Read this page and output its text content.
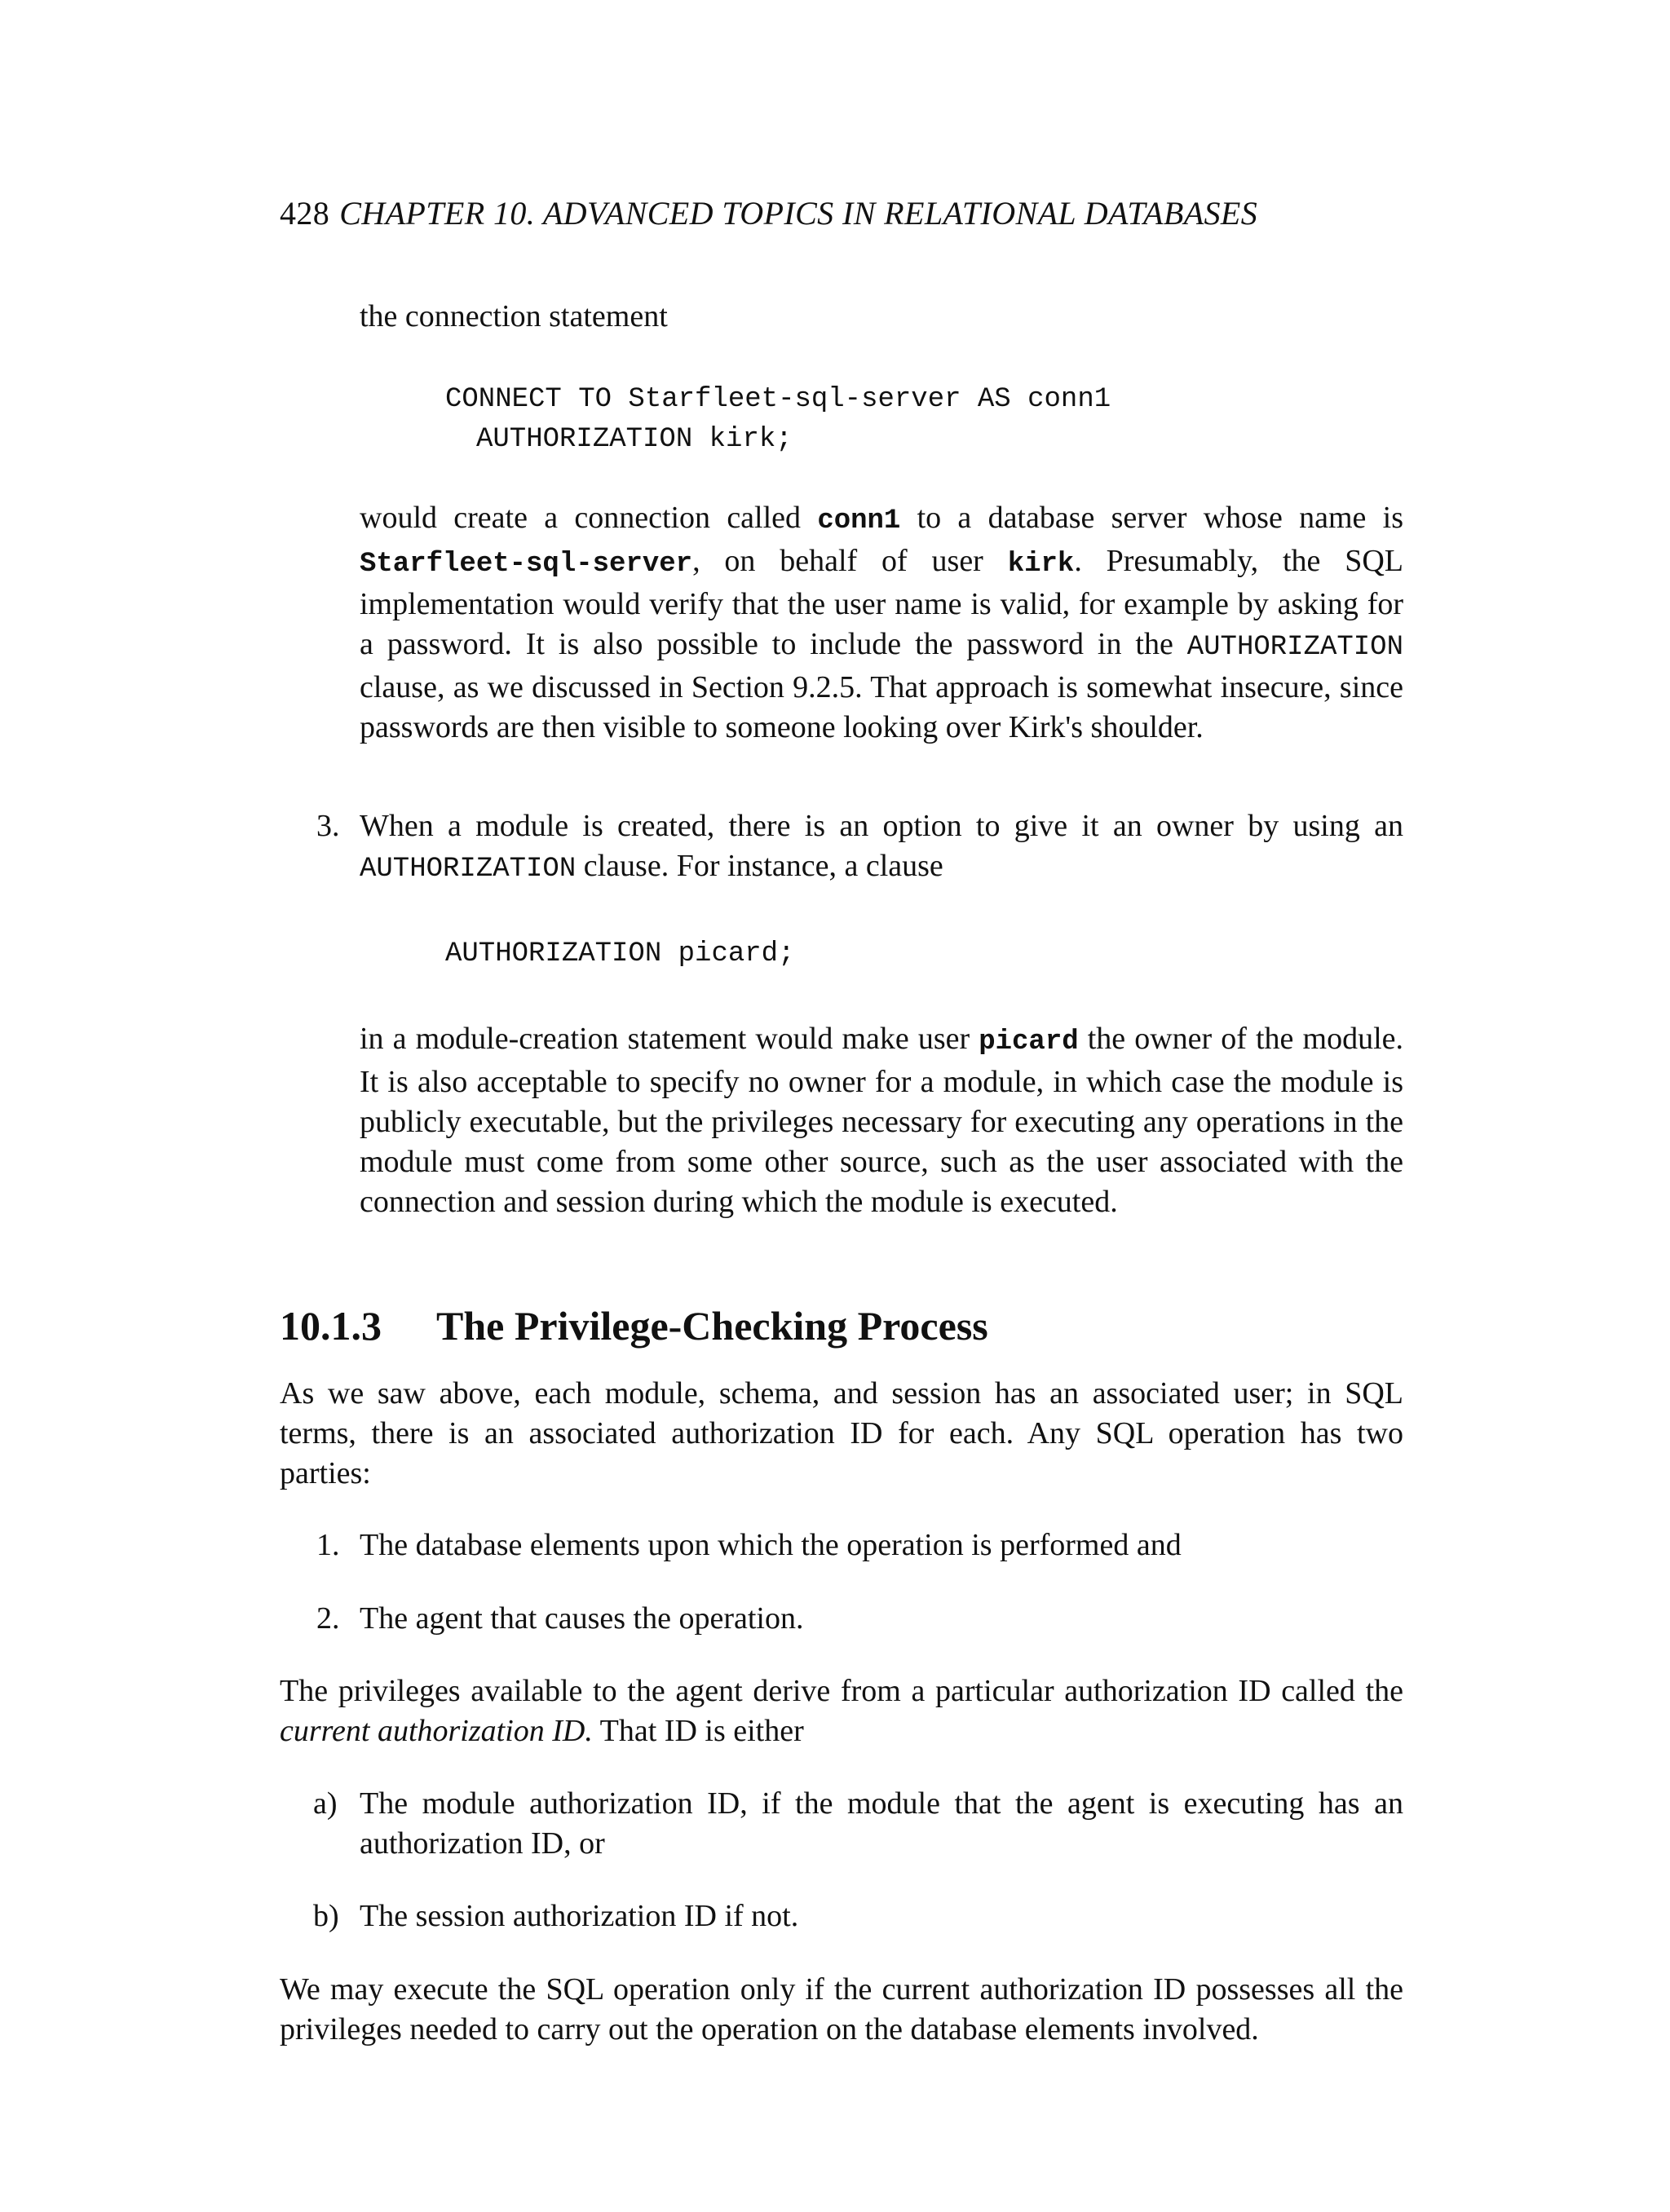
428 CHAPTER 10. ADVANCED TOPICS IN RELATIONAL DATABASES

the connection statement

CONNECT TO Starfleet-sql-server AS conn1
AUTHORIZATION kirk;

would create a connection called conn1 to a database server whose name is Starfleet-sql-server, on behalf of user kirk. Presumably, the SQL implementation would verify that the user name is valid, for example by asking for a password. It is also possible to include the password in the AUTHORIZATION clause, as we discussed in Section 9.2.5. That approach is somewhat insecure, since passwords are then visible to someone looking over Kirk's shoulder.

3. When a module is created, there is an option to give it an owner by using an AUTHORIZATION clause. For instance, a clause

AUTHORIZATION picard;

in a module-creation statement would make user picard the owner of the module. It is also acceptable to specify no owner for a module, in which case the module is publicly executable, but the privileges necessary for executing any operations in the module must come from some other source, such as the user associated with the connection and session during which the module is executed.

10.1.3 The Privilege-Checking Process

As we saw above, each module, schema, and session has an associated user; in SQL terms, there is an associated authorization ID for each. Any SQL operation has two parties:

1. The database elements upon which the operation is performed and

2. The agent that causes the operation.

The privileges available to the agent derive from a particular authorization ID called the current authorization ID. That ID is either

a) The module authorization ID, if the module that the agent is executing has an authorization ID, or

b) The session authorization ID if not.

We may execute the SQL operation only if the current authorization ID possesses all the privileges needed to carry out the operation on the database elements involved.
